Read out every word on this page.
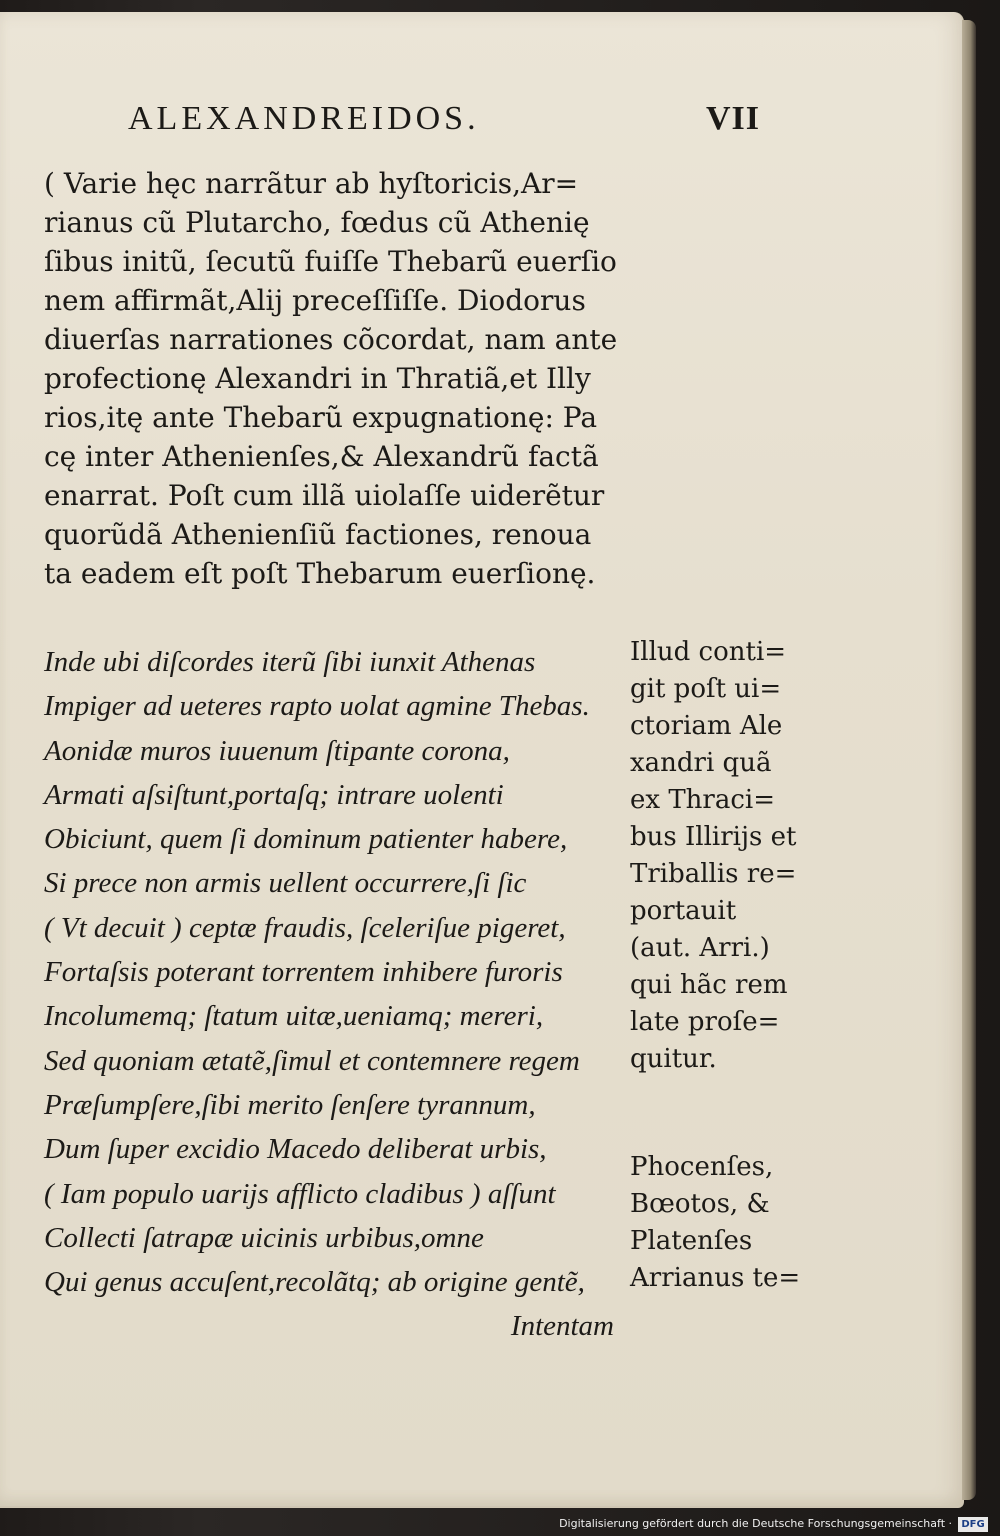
ALEXANDREIDOS.	VII
( Varie hęc narrãtur ab hyſtoricis,Ar=
rianus cũ Plutarcho, fœdus cũ Athenię
ſibus initũ, ſecutũ fuiſſe Thebarũ euerſio
nem affirmãt,Alij preceſſiſſe. Diodorus
diuerſas narrationes cõcordat, nam ante
profectionę Alexandri in Thratiã,et Illy
rios,itę ante Thebarũ expugnationę: Pa
cę inter Athenienſes,& Alexandrũ factã
enarrat. Poſt cum illã uiolaſſe uiderẽtur
quorũdã Athenienſiũ factiones, renoua
ta eadem eſt poſt Thebarum euerſionę.
Inde ubi diſcordes iterũ ſibi iunxit Athenas
Impiger ad ueteres rapto uolat agmine Thebas.
Aonidæ muros iuuenum ſtipante corona,
Armati aſsiſtunt,portaſq; intrare uolenti
Obiciunt, quem ſi dominum patienter habere,
Si prece non armis uellent occurrere,ſi ſic
( Vt decuit ) ceptæ fraudis, ſceleriſue pigeret,
Fortaſsis poterant torrentem inhibere furoris
Incolumemq; ſtatum uitæ,ueniamq; mereri,
Sed quoniam ætatẽ,ſimul et contemnere regem
Præſumpſere,ſibi merito ſenſere tyrannum,
Dum ſuper excidio Macedo deliberat urbis,
( Iam populo uarijs afflicto cladibus ) aſſunt
Collecti ſatrapæ uicinis urbibus,omne
Qui genus accuſent,recolãtq; ab origine gentẽ,
Intentam
Illud conti=
git poſt ui=
ctoriam Ale
xandri quã
ex Thraci=
bus Illirijs et
Triballis re=
portauit
(aut. Arri.)
qui hãc rem
late proſe=
quitur.
Phocenſes,
Bœotos, &
Platenſes
Arrianus te=
Digitalisierung gefördert durch die Deutsche Forschungsgemeinschaft · DFG
